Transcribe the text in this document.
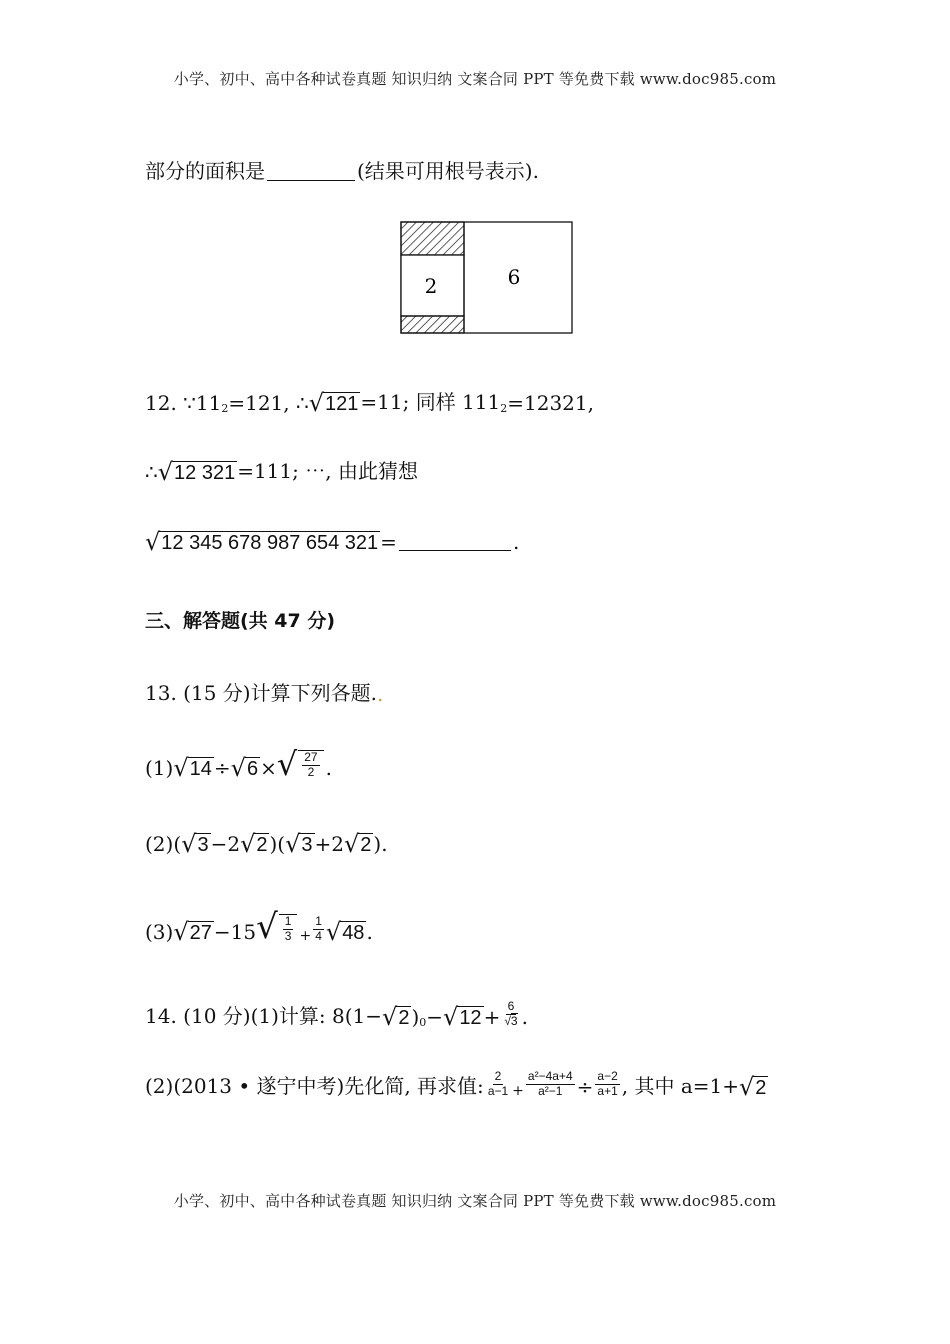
小学、初中、高中各种试卷真题 知识归纳 文案合同 PPT 等免费下载 www.doc985.com
部分的面积是	(结果可用根号表示).
2	6
12. $\because 11_2 =121$, ∴ √ 121 =11; 同样 $111_2 =12321$,
∴ √ 12 321 =111; ⋯, 由此猜想
√ 12 345 678 987 654 321 =	.
三、解答题(共 47 分)
13. (15 分)计算下列各题. .
(1) √ 14 ÷ √ 6 × √ $\frac{27}{2}$ .
(2) ( √ 3 −2 √ 2 )( √ 3 +2 √ 2 ).
(3) √ 27 −15 √ $\frac{1}{3} + \frac{1}{4}$ √ 48 .
14. (10 分)(1)计算: 8(1− √ 2 )$_0$ − √ $12 + \frac{6}{√3}$ .
(2)(2013 • 遂宁中考)先化简, 再求值: $\frac{2}{a-1} + \frac{\text{a²−4a+4}}{\text{a²−1}} \div \frac{a-2}{a+1}$ , 其中 a=1+ √ 2
小学、初中、高中各种试卷真题 知识归纳 文案合同 PPT 等免费下载 www.doc985.com
